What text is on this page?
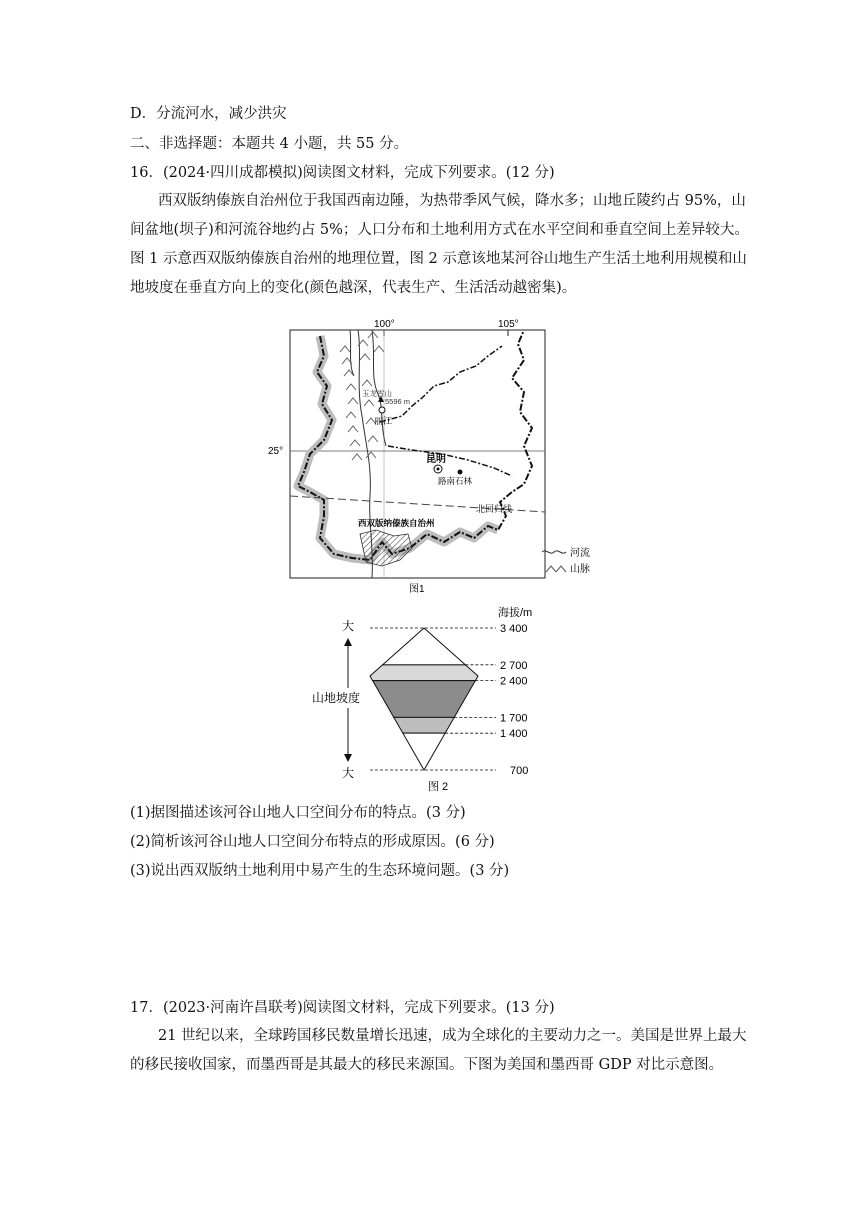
D．分流河水，减少洪灾
二、非选择题：本题共 4 小题，共 55 分。
16．(2024·四川成都模拟)阅读图文材料，完成下列要求。(12 分)
西双版纳傣族自治州位于我国西南边陲，为热带季风气候，降水多；山地丘陵约占 95%，山间盆地(坝子)和河流谷地约占 5%；人口分布和土地利用方式在水平空间和垂直空间上差异较大。图 1 示意西双版纳傣族自治州的地理位置，图 2 示意该地某河谷山地生产生活土地利用规模和山地坡度在垂直方向上的变化(颜色越深，代表生产、生活活动越密集)。
100°	105°
25°
玉龙雪山
5596 m
丽江
昆明
路南石林
北回归线
西双版纳傣族自治州
河流
山脉
图1
海拔/m
大
大
山地坡度
3 400
2 700
2 400
1 700
1 400
700
图 2
(1)据图描述该河谷山地人口空间分布的特点。(3 分)
(2)简析该河谷山地人口空间分布特点的形成原因。(6 分)
(3)说出西双版纳土地利用中易产生的生态环境问题。(3 分)
17．(2023·河南许昌联考)阅读图文材料，完成下列要求。(13 分)
21 世纪以来，全球跨国移民数量增长迅速，成为全球化的主要动力之一。美国是世界上最大的移民接收国家，而墨西哥是其最大的移民来源国。下图为美国和墨西哥 GDP 对比示意图。
